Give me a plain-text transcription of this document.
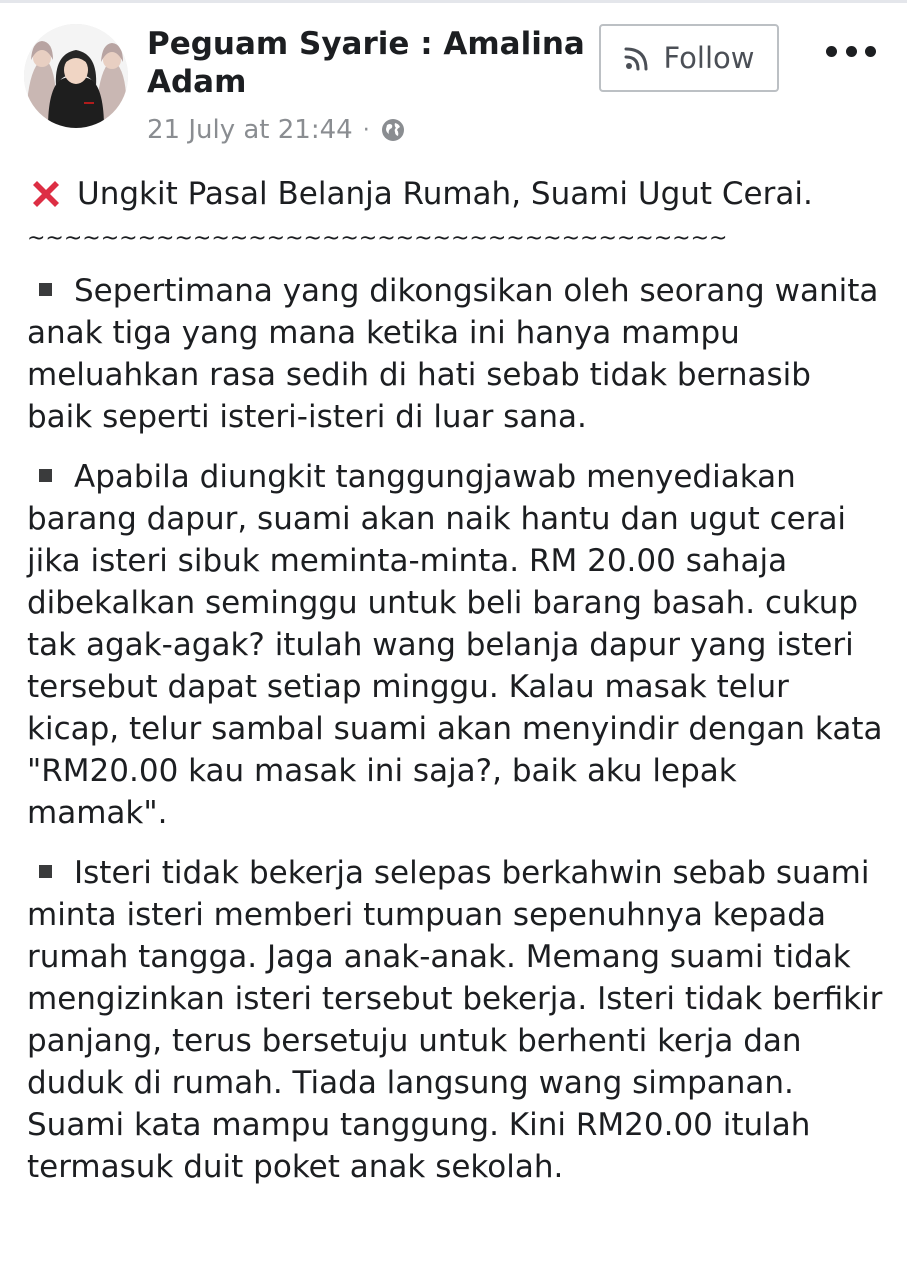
Peguam Syarie : Amalina Adam
21 July at 21:44 ·
Follow
Ungkit Pasal Belanja Rumah, Suami Ugut Cerai.
~~~~~~~~~~~~~~~~~~~~~~~~~~~~~~~~~~~~~~

Sepertimana yang dikongsikan oleh seorang wanita anak tiga yang mana ketika ini hanya mampu meluahkan rasa sedih di hati sebab tidak bernasib baik seperti isteri-isteri di luar sana.

Apabila diungkit tanggungjawab menyediakan barang dapur, suami akan naik hantu dan ugut cerai jika isteri sibuk meminta-minta. RM 20.00 sahaja dibekalkan seminggu untuk beli barang basah. cukup tak agak-agak? itulah wang belanja dapur yang isteri tersebut dapat setiap minggu. Kalau masak telur kicap, telur sambal suami akan menyindir dengan kata "RM20.00 kau masak ini saja?, baik aku lepak mamak".

Isteri tidak bekerja selepas berkahwin sebab suami minta isteri memberi tumpuan sepenuhnya kepada rumah tangga. Jaga anak-anak. Memang suami tidak mengizinkan isteri tersebut bekerja. Isteri tidak berfikir panjang, terus bersetuju untuk berhenti kerja dan duduk di rumah. Tiada langsung wang simpanan. Suami kata mampu tanggung. Kini RM20.00 itulah termasuk duit poket anak sekolah.
